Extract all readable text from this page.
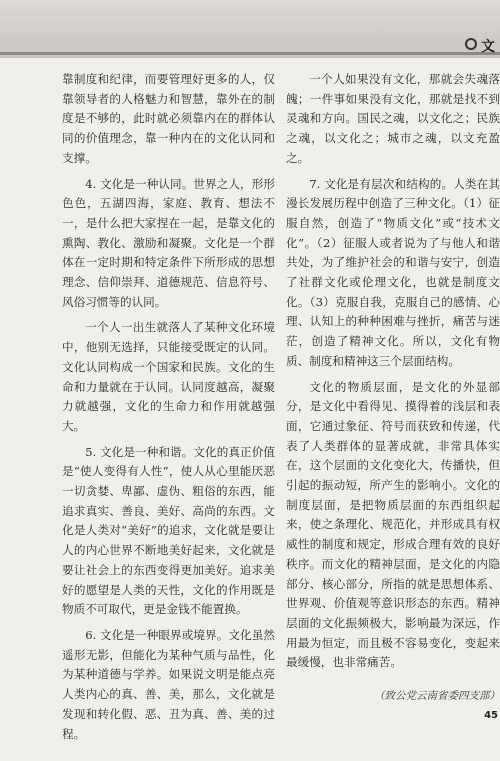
文

靠制度和纪律，而要管理好更多的人，仅靠领导者的人格魅力和智慧，靠外在的制度是不够的，此时就必须靠内在的群体认同的价值理念，靠一种内在的文化认同和支撑。

4. 文化是一种认同。世界之人，形形色色，五湖四海，家庭、教育、想法不一，是什么把大家捏在一起，是靠文化的熏陶、教化、激励和凝聚。文化是一个群体在一定时期和特定条件下所形成的思想理念、信仰崇拜、道德规范、信息符号、风俗习惯等的认同。

一个人一出生就落人了某种文化环境中，他别无选择，只能接受既定的认同。文化认同构成一个国家和民族。文化的生命和力量就在于认同。认同度越高，凝聚力就越强，文化的生命力和作用就越强大。

5. 文化是一种和谐。文化的真正价值是“使人变得有人性”，使人从心里能厌恶一切贪婪、卑鄙、虚伪、粗俗的东西，能追求真实、善良、美好、高尚的东西。文化是人类对“美好”的追求，文化就是要让人的内心世界不断地美好起来，文化就是要让社会上的东西变得更加美好。追求美好的愿望是人类的天性，文化的作用既是物质不可取代，更是金钱不能置换。

6. 文化是一种眼界或境界。文化虽然遥形无影，但能化为某种气质与品性，化为某种道德与学养。如果说文明是能点亮人类内心的真、善、美，那么，文化就是发现和转化假、恶、丑为真、善、美的过程。

一个人如果没有文化，那就会失魂落魄；一件事如果没有文化，那就是找不到灵魂和方向。国民之魂，以文化之；民族之魂，以文化之；城市之魂，以文充盈之。

7. 文化是有层次和结构的。人类在其漫长发展历程中创造了三种文化。（1）征服自然，创造了“物质文化”或“技术文化”。（2）征服人或者说为了与他人和谐共处，为了维护社会的和谐与安宁，创造了社群文化或伦理文化，也就是制度文化。（3）克服自我，克服自己的感情、心理、认知上的种种困难与挫折，痛苦与迷茫，创造了精神文化。所以，文化有物质、制度和精神这三个层面结构。

文化的物质层面，是文化的外显部分，是文化中看得见、摸得着的浅层和表面，它通过象征、符号而获致和传递，代表了人类群体的显著成就，非常具体实在，这个层面的文化变化大，传播快，但引起的振动短，所产生的影响小。文化的制度层面，是把物质层面的东西组织起来，使之条理化、规范化，并形成具有权威性的制度和规定，形成合理有效的良好秩序。而文化的精神层面，是文化的内隐部分、核心部分，所指的就是思想体系、世界观、价值观等意识形态的东西。精神层面的文化振频极大，影响最为深远，作用最为恒定，而且极不容易变化，变起来最缓慢，也非常痛苦。

（致公党云南省委四支部）

45
